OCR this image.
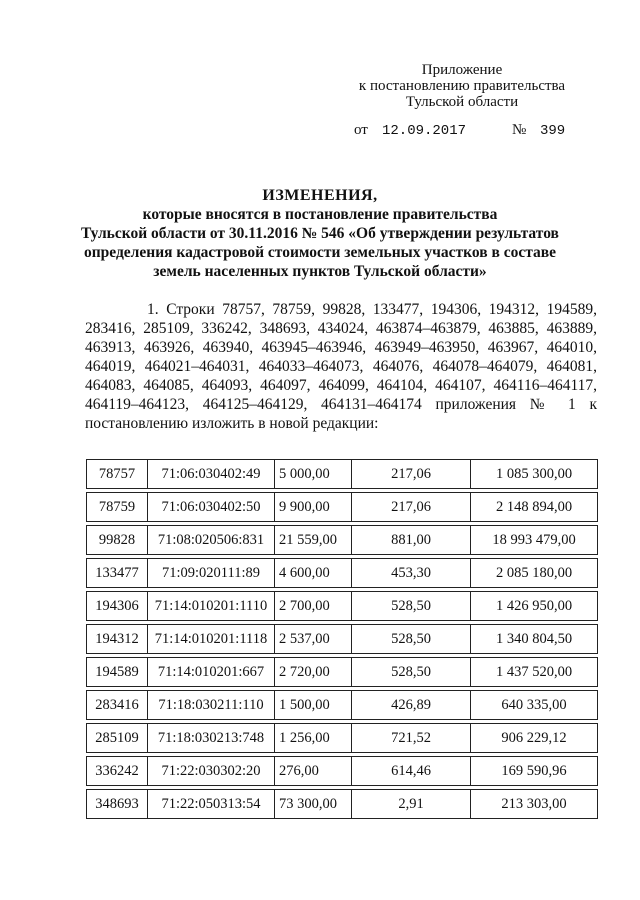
Приложение
к постановлению правительства
Тульской области
от 12.09.2017	№ 399
ИЗМЕНЕНИЯ,
которые вносятся в постановление правительства
Тульской области от 30.11.2016 № 546 «Об утверждении результатов
определения кадастровой стоимости земельных участков в составе
земель населенных пунктов Тульской области»
1. Строки 78757, 78759, 99828, 133477, 194306, 194312, 194589,
283416, 285109, 336242, 348693, 434024, 463874–463879, 463885, 463889,
463913, 463926, 463940, 463945–463946, 463949–463950, 463967, 464010,
464019, 464021–464031, 464033–464073, 464076, 464078–464079, 464081,
464083, 464085, 464093, 464097, 464099, 464104, 464107, 464116–464117,
464119–464123, 464125–464129, 464131–464174 приложения № 1 к
постановлению изложить в новой редакции:
78757	71:06:030402:49	5 000,00	217,06	1 085 300,00
78759	71:06:030402:50	9 900,00	217,06	2 148 894,00
99828	71:08:020506:831	21 559,00	881,00	18 993 479,00
133477	71:09:020111:89	4 600,00	453,30	2 085 180,00
194306	71:14:010201:1110	2 700,00	528,50	1 426 950,00
194312	71:14:010201:1118	2 537,00	528,50	1 340 804,50
194589	71:14:010201:667	2 720,00	528,50	1 437 520,00
283416	71:18:030211:110	1 500,00	426,89	640 335,00
285109	71:18:030213:748	1 256,00	721,52	906 229,12
336242	71:22:030302:20	276,00	614,46	169 590,96
348693	71:22:050313:54	73 300,00	2,91	213 303,00
